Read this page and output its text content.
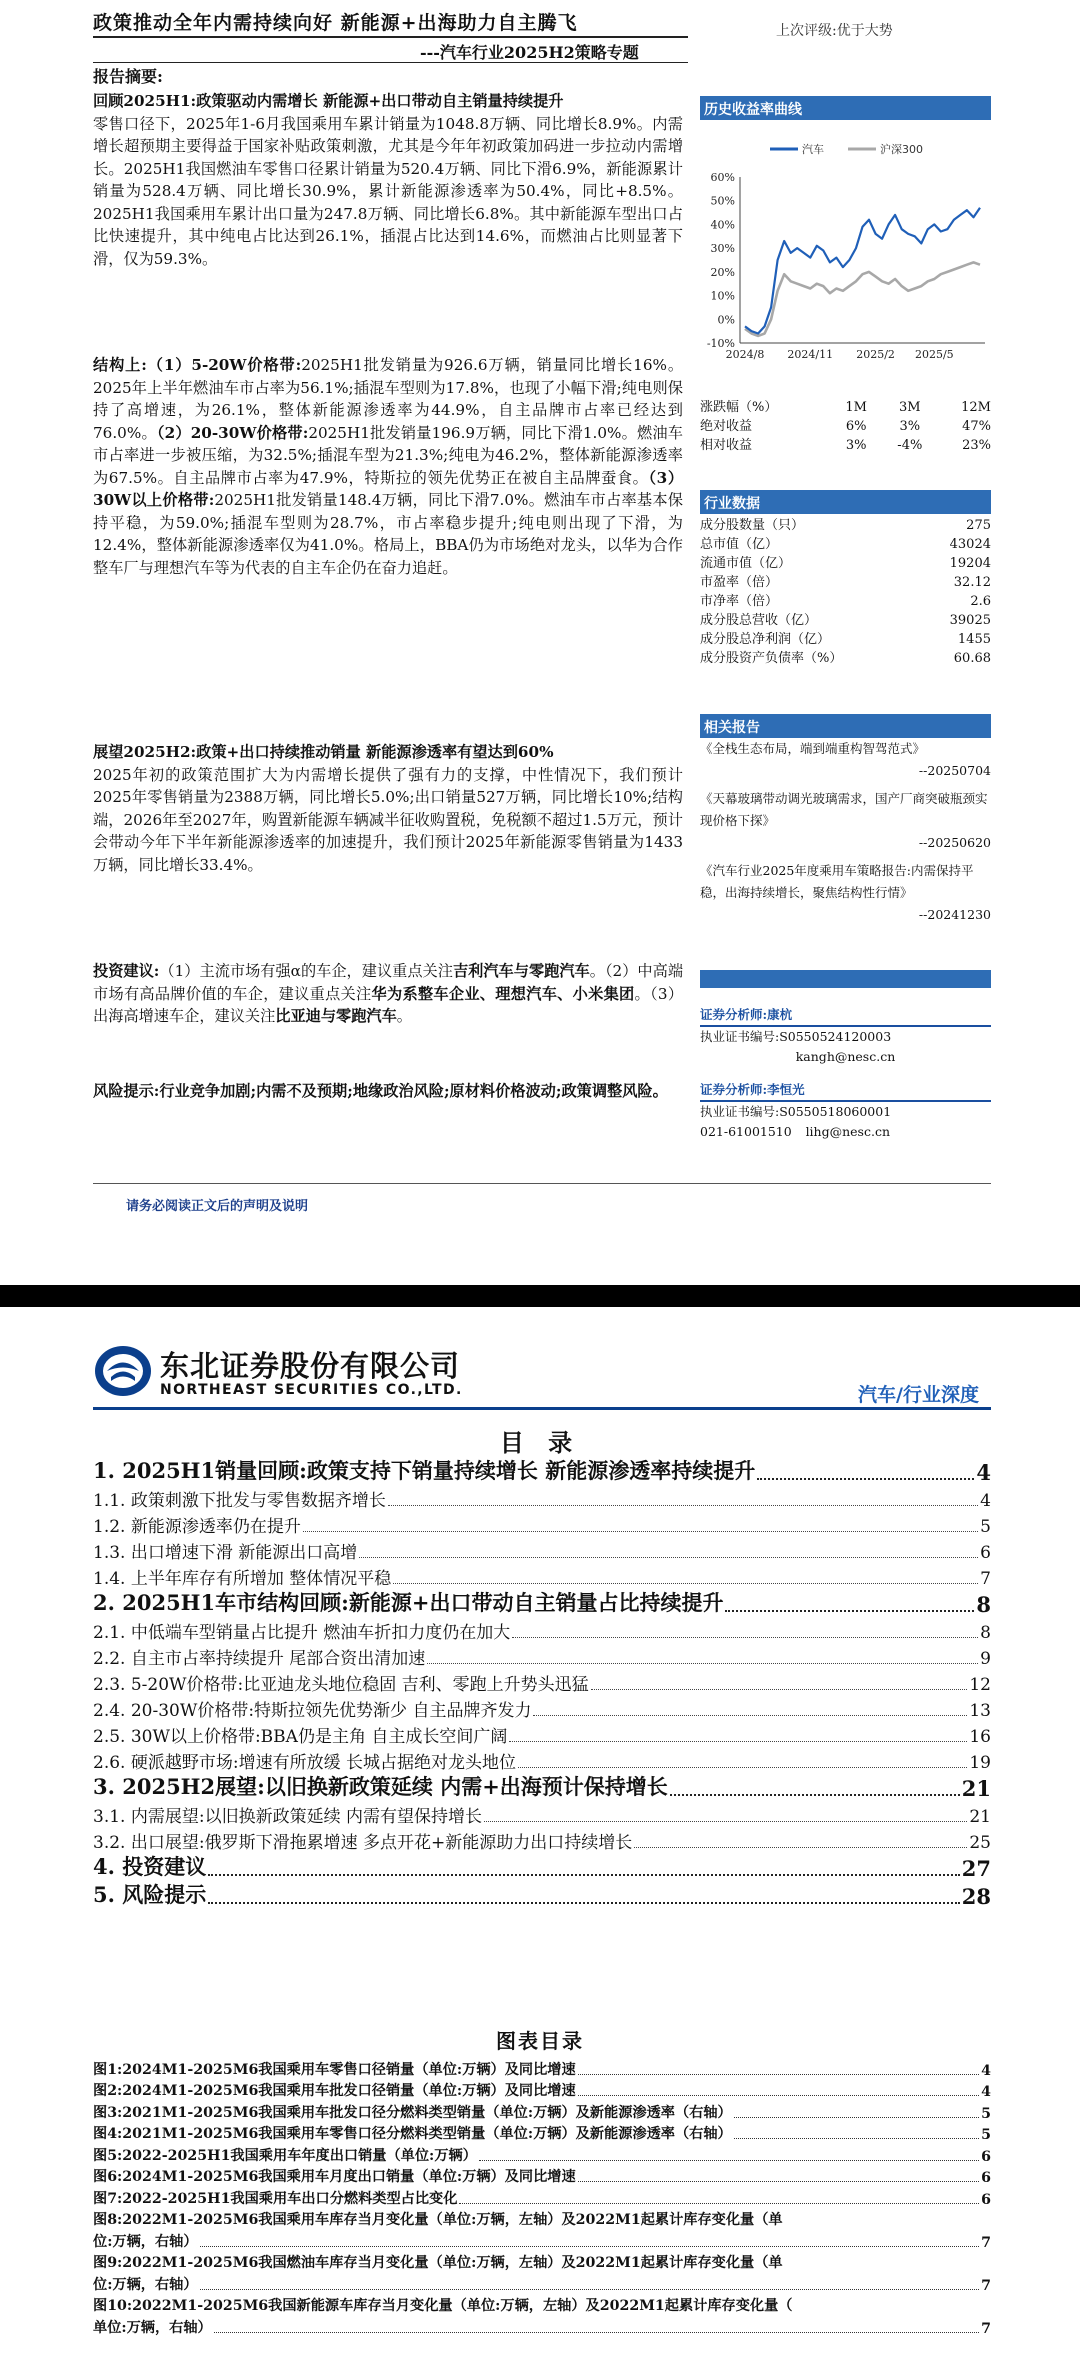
政策推动全年内需持续向好 新能源+出海助力自主腾飞	上次评级:优于大势
---汽车行业2025H2策略专题
报告摘要:
回顾2025H1:政策驱动内需增长 新能源+出口带动自主销量持续提升
零售口径下，2025年1-6月我国乘用车累计销量为1048.8万辆、同比增长8.9%。内需增长超预期主要得益于国家补贴政策刺激，尤其是今年年初政策加码进一步拉动内需增长。2025H1我国燃油车零售口径累计销量为520.4万辆、同比下滑6.9%，新能源累计销量为528.4万辆、同比增长30.9%，累计新能源渗透率为50.4%，同比+8.5%。2025H1我国乘用车累计出口量为247.8万辆、同比增长6.8%。其中新能源车型出口占比快速提升，其中纯电占比达到26.1%，插混占比达到14.6%，而燃油占比则显著下滑，仅为59.3%。
结构上:（1）5-20W价格带:2025H1批发销量为926.6万辆，销量同比增长16%。2025年上半年燃油车市占率为56.1%;插混车型则为17.8%，也现了小幅下滑;纯电则保持了高增速，为26.1%，整体新能源渗透率为44.9%，自主品牌市占率已经达到76.0%。（2）20-30W价格带:2025H1批发销量196.9万辆，同比下滑1.0%。燃油车市占率进一步被压缩，为32.5%;插混车型为21.3%;纯电为46.2%，整体新能源渗透率为67.5%。自主品牌市占率为47.9%，特斯拉的领先优势正在被自主品牌蚕食。（3）30W以上价格带:2025H1批发销量148.4万辆，同比下滑7.0%。燃油车市占率基本保持平稳，为59.0%;插混车型则为28.7%，市占率稳步提升;纯电则出现了下滑，为12.4%，整体新能源渗透率仅为41.0%。格局上，BBA仍为市场绝对龙头，以华为合作整车厂与理想汽车等为代表的自主车企仍在奋力追赶。
展望2025H2:政策+出口持续推动销量 新能源渗透率有望达到60%
2025年初的政策范围扩大为内需增长提供了强有力的支撑，中性情况下，我们预计2025年零售销量为2388万辆，同比增长5.0%;出口销量527万辆，同比增长10%;结构端，2026年至2027年，购置新能源车辆减半征收购置税，免税额不超过1.5万元，预计会带动今年下半年新能源渗透率的加速提升，我们预计2025年新能源零售销量为1433万辆，同比增长33.4%。
投资建议:（1）主流市场有强α的车企，建议重点关注吉利汽车与零跑汽车。（2）中高端市场有高品牌价值的车企，建议重点关注华为系整车企业、理想汽车、小米集团。（3）出海高增速车企，建议关注比亚迪与零跑汽车。
风险提示:行业竞争加剧;内需不及预期;地缘政治风险;原材料价格波动;政策调整风险。
历史收益率曲线
汽车	沪深300
60%
50%
40%
30%
20%
10%
0%
-10%
2024/8 2024/11 2025/2 2025/5
涨跌幅（%）	1M	3M	12M
绝对收益	6%	3%	47%
相对收益	3%	-4%	23%
行业数据
成分股数量（只）	275
总市值（亿）	43024
流通市值（亿）	19204
市盈率（倍）	32.12
市净率（倍）	2.6
成分股总营收（亿）	39025
成分股总净利润（亿）	1455
成分股资产负债率（%）	60.68
相关报告
《全栈生态布局，端到端重构智驾范式》
--20250704
《天幕玻璃带动调光玻璃需求，国产厂商突破瓶颈实现价格下探》
--20250620
《汽车行业2025年度乘用车策略报告:内需保持平稳，出海持续增长，聚焦结构性行情》
--20241230
证券分析师:康杭
执业证书编号:S0550524120003
kangh@nesc.cn
证券分析师:李恒光
执业证书编号:S0550518060001
021-61001510 lihg@nesc.cn
请务必阅读正文后的声明及说明
东北证券股份有限公司
NORTHEAST SECURITIES CO.,LTD.	汽车/行业深度
目 录
1. 2025H1销量回顾:政策支持下销量持续增长 新能源渗透率持续提升	4
1.1. 政策刺激下批发与零售数据齐增长	4
1.2. 新能源渗透率仍在提升	5
1.3. 出口增速下滑 新能源出口高增	6
1.4. 上半年库存有所增加 整体情况平稳	7
2. 2025H1车市结构回顾:新能源+出口带动自主销量占比持续提升	8
2.1. 中低端车型销量占比提升 燃油车折扣力度仍在加大	8
2.2. 自主市占率持续提升 尾部合资出清加速	9
2.3. 5-20W价格带:比亚迪龙头地位稳固 吉利、零跑上升势头迅猛	12
2.4. 20-30W价格带:特斯拉领先优势渐少 自主品牌齐发力	13
2.5. 30W以上价格带:BBA仍是主角 自主成长空间广阔	16
2.6. 硬派越野市场:增速有所放缓 长城占据绝对龙头地位	19
3. 2025H2展望:以旧换新政策延续 内需+出海预计保持增长	21
3.1. 内需展望:以旧换新政策延续 内需有望保持增长	21
3.2. 出口展望:俄罗斯下滑拖累增速 多点开花+新能源助力出口持续增长	25
4. 投资建议	27
5. 风险提示	28
图表目录
图1:2024M1-2025M6我国乘用车零售口径销量（单位:万辆）及同比增速	4
图2:2024M1-2025M6我国乘用车批发口径销量（单位:万辆）及同比增速	4
图3:2021M1-2025M6我国乘用车批发口径分燃料类型销量（单位:万辆）及新能源渗透率（右轴）	5
图4:2021M1-2025M6我国乘用车零售口径分燃料类型销量（单位:万辆）及新能源渗透率（右轴）	5
图5:2022-2025H1我国乘用车年度出口销量（单位:万辆）	6
图6:2024M1-2025M6我国乘用车月度出口销量（单位:万辆）及同比增速	6
图7:2022-2025H1我国乘用车出口分燃料类型占比变化	6
图8:2022M1-2025M6我国乘用车库存当月变化量（单位:万辆，左轴）及2022M1起累计库存变化量（单
位:万辆，右轴）	7
图9:2022M1-2025M6我国燃油车库存当月变化量（单位:万辆，左轴）及2022M1起累计库存变化量（单
位:万辆，右轴）	7
图10:2022M1-2025M6我国新能源车库存当月变化量（单位:万辆，左轴）及2022M1起累计库存变化量（
单位:万辆，右轴）	7
